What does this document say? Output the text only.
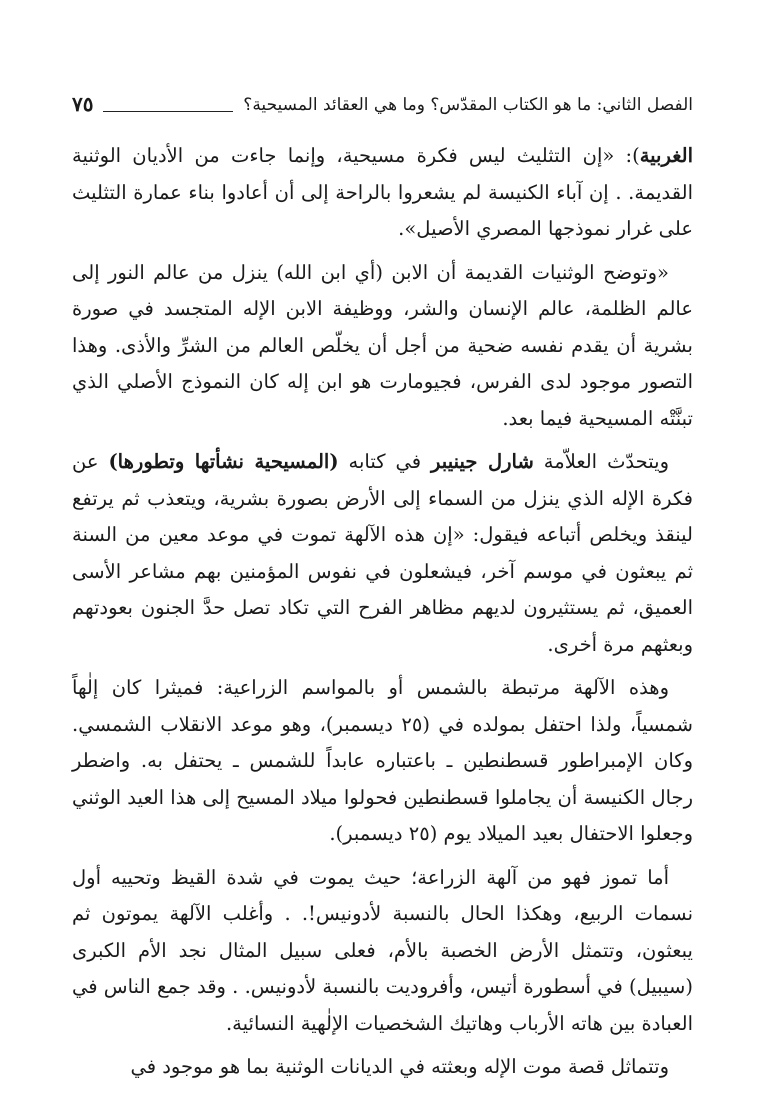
الفصل الثاني: ما هو الكتاب المقدّس؟ وما هي العقائد المسيحية؟
٧٥

الغربية): «إن التثليث ليس فكرة مسيحية، وإنما جاءت من الأديان الوثنية القديمة. . إن آباء الكنيسة لم يشعروا بالراحة إلى أن أعادوا بناء عمارة التثليث على غرار نموذجها المصري الأصيل».

«وتوضح الوثنيات القديمة أن الابن (أي ابن الله) ينزل من عالم النور إلى عالم الظلمة، عالم الإنسان والشر، ووظيفة الابن الإله المتجسد في صورة بشرية أن يقدم نفسه ضحية من أجل أن يخلّص العالم من الشرِّ والأذى. وهذا التصور موجود لدى الفرس، فجيومارت هو ابن إله كان النموذج الأصلي الذي تبنَّتْه المسيحية فيما بعد.

ويتحدّث العلاّمة شارل جينيبر في كتابه (المسيحية نشأتها وتطورها) عن فكرة الإله الذي ينزل من السماء إلى الأرض بصورة بشرية، ويتعذب ثم يرتفع لينقذ ويخلص أتباعه فيقول: «إن هذه الآلهة تموت في موعد معين من السنة ثم يبعثون في موسم آخر، فيشعلون في نفوس المؤمنين بهم مشاعر الأسى العميق، ثم يستثيرون لديهم مظاهر الفرح التي تكاد تصل حدَّ الجنون بعودتهم وبعثهم مرة أخرى.

وهذه الآلهة مرتبطة بالشمس أو بالمواسم الزراعية: فميثرا كان إلٰهاً شمسياً، ولذا احتفل بمولده في (٢٥ ديسمبر)، وهو موعد الانقلاب الشمسي. وكان الإمبراطور قسطنطين ـ باعتباره عابداً للشمس ـ يحتفل به. واضطر رجال الكنيسة أن يجاملوا قسطنطين فحولوا ميلاد المسيح إلى هذا العيد الوثني وجعلوا الاحتفال بعيد الميلاد يوم (٢٥ ديسمبر).

أما تموز فهو من آلهة الزراعة؛ حيث يموت في شدة القيظ وتحييه أول نسمات الربيع، وهكذا الحال بالنسبة لأدونيس!. . وأغلب الآلهة يموتون ثم يبعثون، وتتمثل الأرض الخصبة بالأم، فعلى سبيل المثال نجد الأم الكبرى (سيبيل) في أسطورة أتيس، وأفروديت بالنسبة لأدونيس. . وقد جمع الناس في العبادة بين هاته الأرباب وهاتيك الشخصيات الإلٰهية النسائية.

وتتماثل قصة موت الإله وبعثته في الديانات الوثنية بما هو موجود في
